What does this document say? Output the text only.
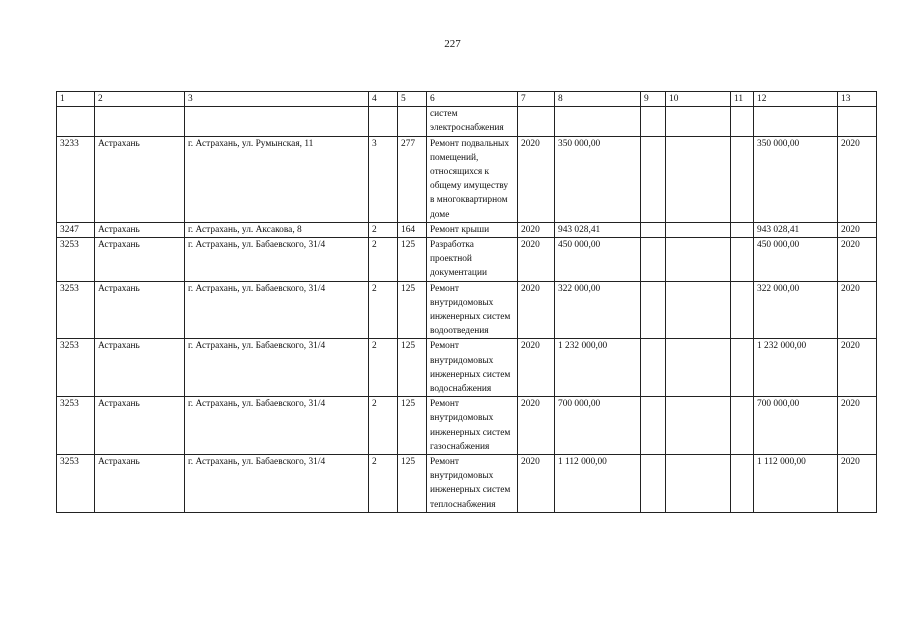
227
1	2	3	4	5	6	7	8	9	10	11	12	13
					систем электроснабжения							
3233	Астрахань	г. Астрахань, ул. Румынская, 11	3	277	Ремонт подвальных помещений, относящихся к общему имуществу в многоквартирном доме	2020	350 000,00				350 000,00	2020
3247	Астрахань	г. Астрахань, ул. Аксакова, 8	2	164	Ремонт крыши	2020	943 028,41				943 028,41	2020
3253	Астрахань	г. Астрахань, ул. Бабаевского, 31/4	2	125	Разработка проектной документации	2020	450 000,00				450 000,00	2020
3253	Астрахань	г. Астрахань, ул. Бабаевского, 31/4	2	125	Ремонт внутридомовых инженерных систем водоотведения	2020	322 000,00				322 000,00	2020
3253	Астрахань	г. Астрахань, ул. Бабаевского, 31/4	2	125	Ремонт внутридомовых инженерных систем водоснабжения	2020	1 232 000,00				1 232 000,00	2020
3253	Астрахань	г. Астрахань, ул. Бабаевского, 31/4	2	125	Ремонт внутридомовых инженерных систем газоснабжения	2020	700 000,00				700 000,00	2020
3253	Астрахань	г. Астрахань, ул. Бабаевского, 31/4	2	125	Ремонт внутридомовых инженерных систем теплоснабжения	2020	1 112 000,00				1 112 000,00	2020
